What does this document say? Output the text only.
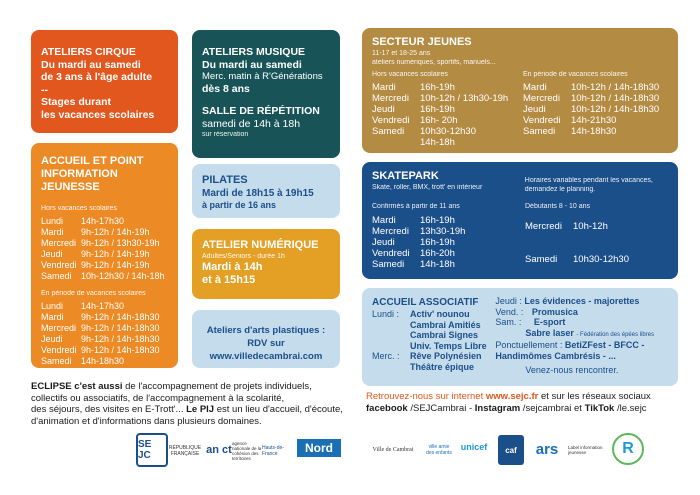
ATELIERS CIRQUE
Du mardi au samedi
de 3 ans à l'âge adulte
--
Stages durant
les vacances scolaires
ATELIERS MUSIQUE
Du mardi au samedi
Merc. matin à R'Générations
dès 8 ans
SALLE DE RÉPÉTITION
samedi de 14h à 18h
sur réservation
SECTEUR JEUNES
11-17 et 18-25 ans
ateliers numériques, sportifs, manuels...
Hors vacances scolaires
Mardi	16h-19h
Mercredi	10h-12h / 13h30-19h
Jeudi	16h-19h
Vendredi	16h- 20h
Samedi	10h30-12h30
14h-18h
En période de vacances scolaires
Mardi	10h-12h / 14h-18h30
Mercredi	10h-12h / 14h-18h30
Jeudi	10h-12h / 14h-18h30
Vendredi	14h-21h30
Samedi	14h-18h30
ACCUEIL ET POINT
INFORMATION JEUNESSE
Hors vacances scolaires
Lundi	14h-17h30
Mardi	9h-12h / 14h-19h
Mercredi 9h-12h / 13h30-19h
Jeudi	9h-12h / 14h-19h
Vendredi 9h-12h / 14h-19h
Samedi	10h-12h30 / 14h-18h
En période de vacances scolaires
Lundi	14h-17h30
Mardi	9h-12h / 14h-18h30
Mercredi 9h-12h / 14h-18h30
Jeudi	9h-12h / 14h-18h30
Vendredi 9h-12h / 14h-18h30
Samedi	14h-18h30
PILATES
Mardi de 18h15 à 19h15
à partir de 16 ans
ATELIER NUMÉRIQUE
Adultes/Seniors - durée 1h
Mardi à 14h
et à 15h15
Ateliers d'arts plastiques :
RDV sur
www.villedecambrai.com
SKATEPARK
Skate, roller, BMX, trott' en intérieur
Horaires variables pendant les vacances,
demandez le planning.
Confirmés à partir de 11 ans
Mardi	16h-19h
Mercredi	13h30-19h
Jeudi	16h-19h
Vendredi	16h-20h
Samedi	14h-18h
Débutants 8 - 10 ans
Mercredi	10h-12h
Samedi	10h30-12h30
ACCUEIL ASSOCIATIF
Lundi :	Activ' nounou
Cambrai Amitiés
Cambrai Signes
Univ. Temps Libre
Merc. :	Rêve Polynésien
Théâtre épique
Jeudi : Les évidences - majorettes
Vend. : Promusica
Sam. : E-sport
Sabre laser - Fédération des épées libres
Ponctuellement : BetiZFest - BFCC -
Handimômes Cambrésis - ...
Venez-nous rencontrer.
ECLIPSE c'est aussi de l'accompagnement de projets individuels,
collectifs ou associatifs, de l'accompagnement à la scolarité,
des séjours, des visites en E-Trott'... Le PIJ est un lieu d'accueil, d'écoute,
d'animation et d'informations dans plusieurs domaines.
Retrouvez-nous sur internet www.sejc.fr et sur les réseaux sociaux
facebook /SEJCambrai - Instagram /sejcambrai et TikTok /le.sejc
SE JC
RÉPUBLIQUE FRANÇAISE an ct
agence nationale de la cohésion des territoires
Hauts-de-France	Nord	Ville de Cambrai	ville amie des enfants
unicef	caf	ars	Label information jeunesse	R
